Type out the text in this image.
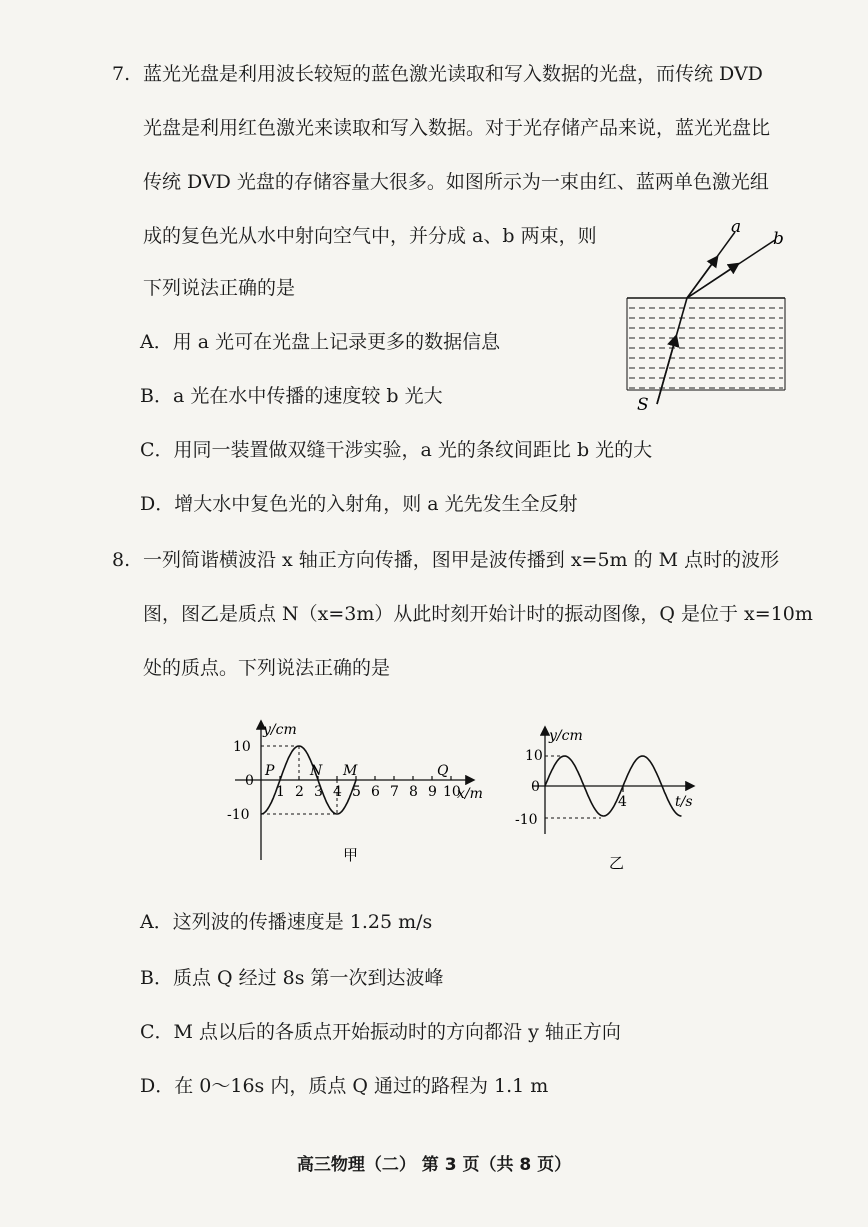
7. 蓝光光盘是利用波长较短的蓝色激光读取和写入数据的光盘，而传统 DVD
光盘是利用红色激光来读取和写入数据。对于光存储产品来说，蓝光光盘比
传统 DVD 光盘的存储容量大很多。如图所示为一束由红、蓝两单色激光组
成的复色光从水中射向空气中，并分成 a、b 两束，则
下列说法正确的是
A．用 a 光可在光盘上记录更多的数据信息
B．a 光在水中传播的速度较 b 光大
C．用同一装置做双缝干涉实验，a 光的条纹间距比 b 光的大
D．增大水中复色光的入射角，则 a 光先发生全反射
a
b
S
8. 一列简谐横波沿 x 轴正方向传播，图甲是波传播到 x=5m 的 M 点时的波形
图，图乙是质点 N（x=3m）从此时刻开始计时的振动图像，Q 是位于 x=10m
处的质点。下列说法正确的是
y/cm
x/m
10
0
-10
1 2 3 4 5 6 7 8 9 10
P	N M	Q
甲
y/cm
t/s
10
0
-10
4
乙
A．这列波的传播速度是 1.25 m/s
B．质点 Q 经过 8s 第一次到达波峰
C．M 点以后的各质点开始振动时的方向都沿 y 轴正方向
D．在 0～16s 内，质点 Q 通过的路程为 1.1 m
高三物理（二） 第 3 页（共 8 页）
